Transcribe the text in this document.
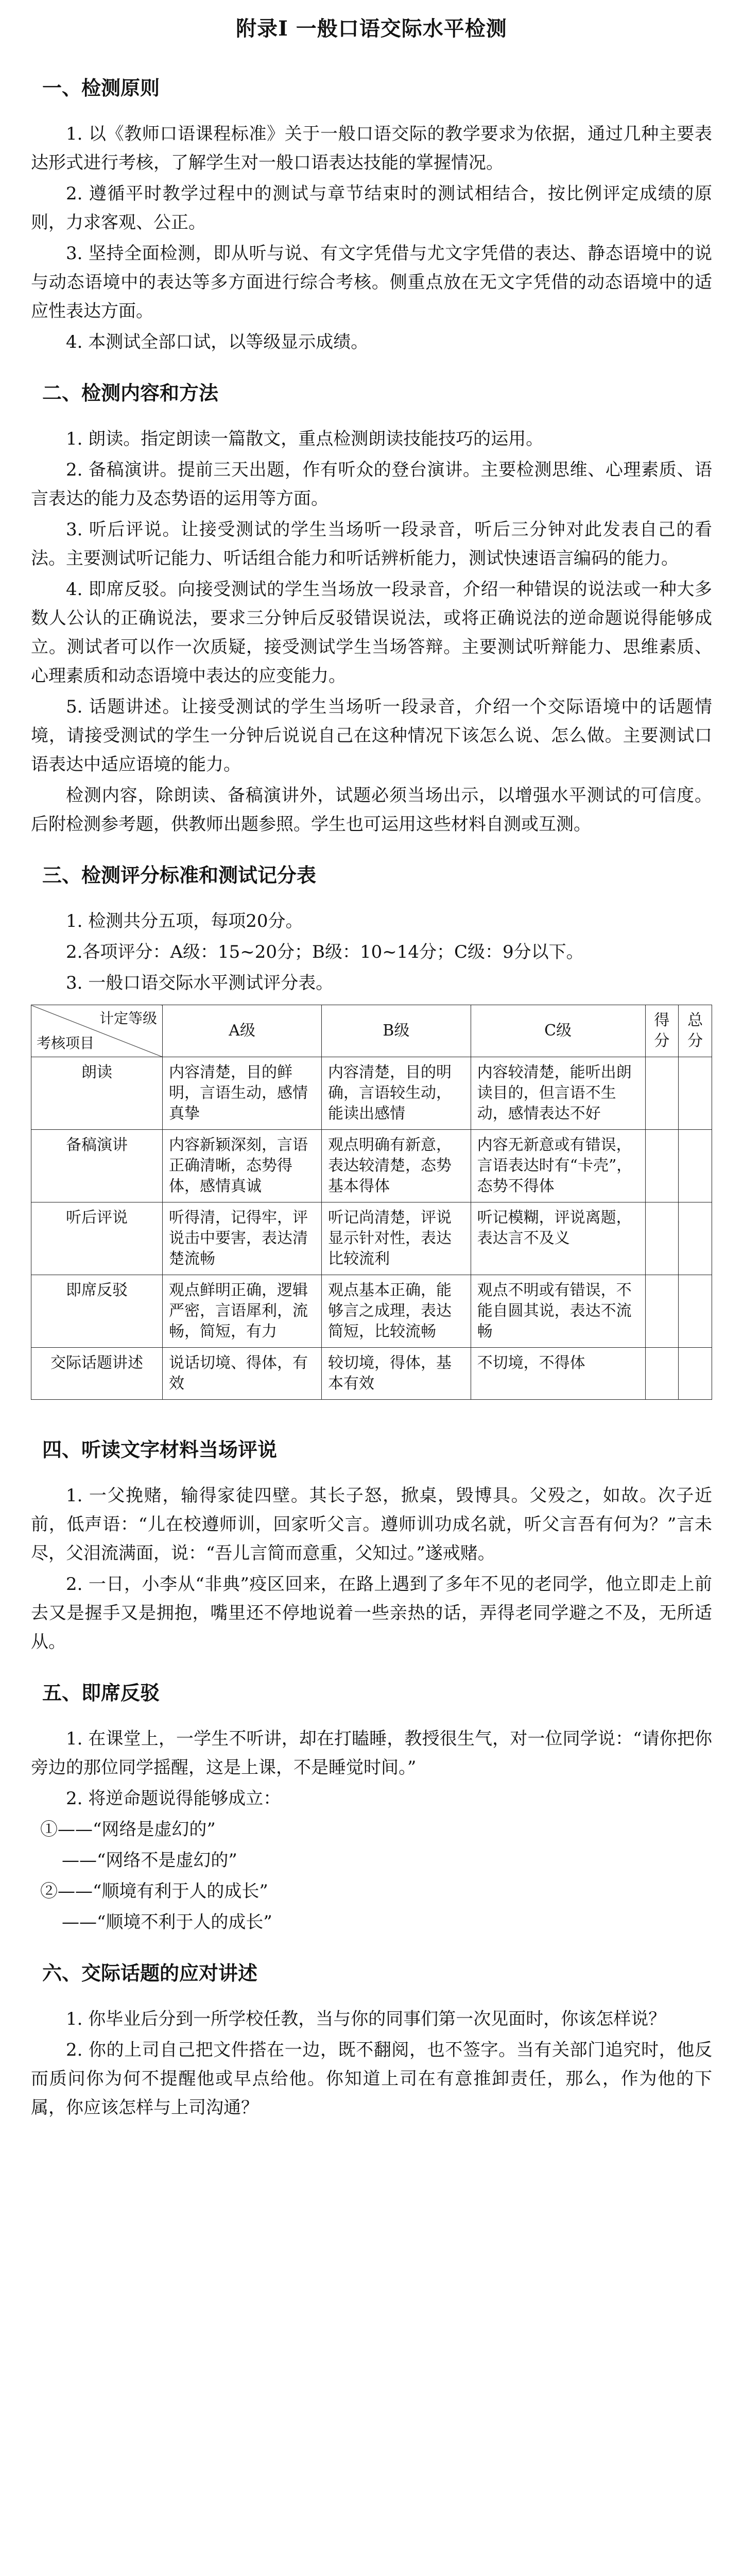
附录Ⅰ 一般口语交际水平检测
一、检测原则

1. 以《教师口语课程标准》关于一般口语交际的教学要求为依据，通过几种主要表达形式进行考核，了解学生对一般口语表达技能的掌握情况。

2. 遵循平时教学过程中的测试与章节结束时的测试相结合，按比例评定成绩的原则，力求客观、公正。

3. 坚持全面检测，即从听与说、有文字凭借与尤文字凭借的表达、静态语境中的说与动态语境中的表达等多方面进行综合考核。侧重点放在无文字凭借的动态语境中的适应性表达方面。

4. 本测试全部口试，以等级显示成绩。

二、检测内容和方法

1. 朗读。指定朗读一篇散文，重点检测朗读技能技巧的运用。

2. 备稿演讲。提前三天出题，作有听众的登台演讲。主要检测思维、心理素质、语言表达的能力及态势语的运用等方面。

3. 听后评说。让接受测试的学生当场听一段录音，听后三分钟对此发表自己的看法。主要测试听记能力、听话组合能力和听话辨析能力，测试快速语言编码的能力。

4. 即席反驳。向接受测试的学生当场放一段录音，介绍一种错误的说法或一种大多数人公认的正确说法，要求三分钟后反驳错误说法，或将正确说法的逆命题说得能够成立。测试者可以作一次质疑，接受测试学生当场答辩。主要测试听辩能力、思维素质、心理素质和动态语境中表达的应变能力。

5. 话题讲述。让接受测试的学生当场听一段录音，介绍一个交际语境中的话题情境，请接受测试的学生一分钟后说说自己在这种情况下该怎么说、怎么做。主要测试口语表达中适应语境的能力。

检测内容，除朗读、备稿演讲外，试题必须当场出示，以增强水平测试的可信度。后附检测参考题，供教师出题参照。学生也可运用这些材料自测或互测。

三、检测评分标准和测试记分表

1. 检测共分五项，每项20分。

2.各项评分：A级：15~20分；B级：10~14分；C级：9分以下。

3. 一般口语交际水平测试评分表。

计定等级
考核项目	A级	B级	C级	得分	总分
朗读	内容清楚，目的鲜明，言语生动，感情真挚	内容清楚，目的明确，言语较生动，能读出感情	内容较清楚，能听出朗读目的，但言语不生动，感情表达不好		
备稿演讲	内容新颖深刻，言语正确清晰，态势得体，感情真诚	观点明确有新意，表达较清楚，态势基本得体	内容无新意或有错误，言语表达时有“卡壳”，态势不得体		
听后评说	听得清，记得牢，评说击中要害，表达清楚流畅	听记尚清楚，评说显示针对性，表达比较流利	听记模糊，评说离题，表达言不及义		
即席反驳	观点鲜明正确，逻辑严密，言语犀利，流畅，简短，有力	观点基本正确，能够言之成理，表达简短，比较流畅	观点不明或有错误，不能自圆其说，表达不流畅		
交际话题讲述	说话切境、得体，有效	较切境，得体，基本有效	不切境，不得体		
四、听读文字材料当场评说

1. 一父挽赌，输得家徒四壁。其长子怒，掀桌，毁博具。父殁之，如故。次子近前，低声语：“儿在校遵师训，回家听父言。遵师训功成名就，听父言吾有何为？”言未尽，父泪流满面，说：“吾儿言简而意重，父知过。”遂戒赌。

2. 一日，小李从“非典”疫区回来，在路上遇到了多年不见的老同学，他立即走上前去又是握手又是拥抱，嘴里还不停地说着一些亲热的话，弄得老同学避之不及，无所适从。

五、即席反驳

1. 在课堂上，一学生不听讲，却在打瞌睡，教授很生气，对一位同学说：“请你把你旁边的那位同学摇醒，这是上课，不是睡觉时间。”

2. 将逆命题说得能够成立：

①——“网络是虚幻的”
——“网络不是虚幻的”
②——“顺境有利于人的成长”
——“顺境不利于人的成长”
六、交际话题的应对讲述

1. 你毕业后分到一所学校任教，当与你的同事们第一次见面时，你该怎样说？

2. 你的上司自己把文件搭在一边，既不翻阅，也不签字。当有关部门追究时，他反而质问你为何不提醒他或早点给他。你知道上司在有意推卸责任，那么，作为他的下属，你应该怎样与上司沟通？
